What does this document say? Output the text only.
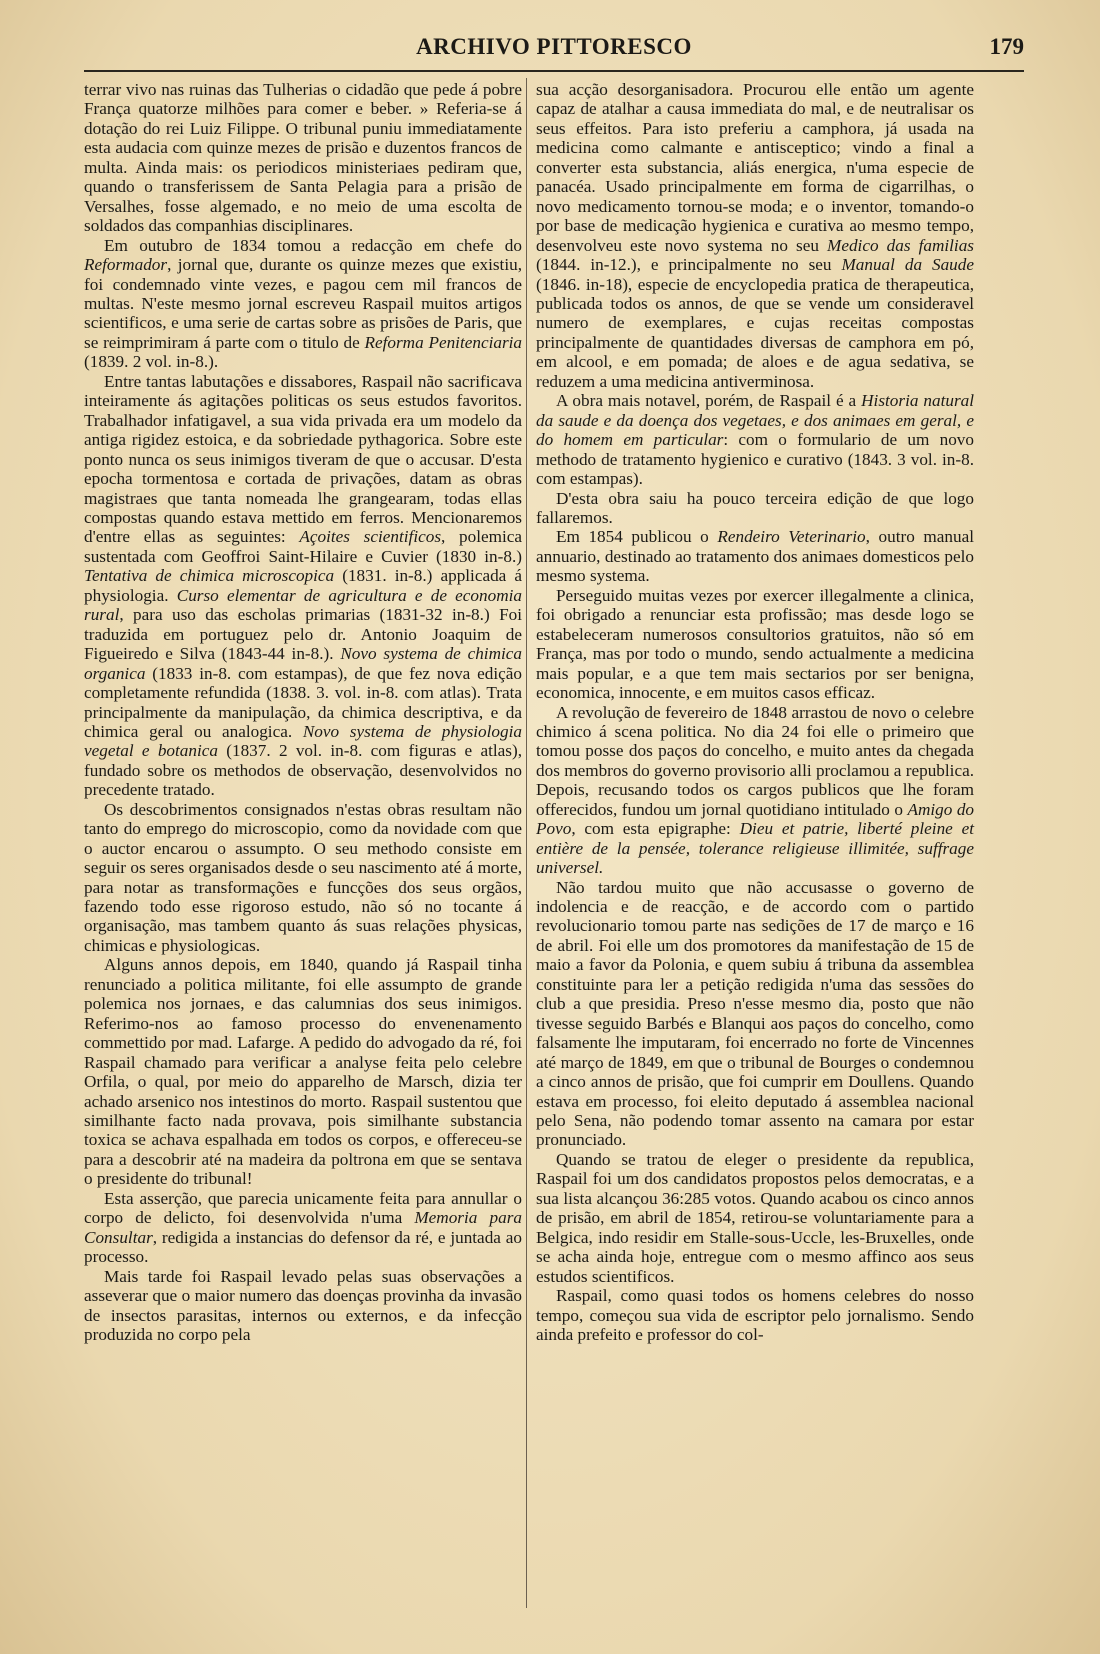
ARCHIVO PITTORESCO	179

terrar vivo nas ruinas das Tulherias o cidadão que pede á pobre França quatorze milhões para comer e beber. » Referia-se á dotação do rei Luiz Filippe. O tribunal puniu immediatamente esta audacia com quinze mezes de prisão e duzentos francos de multa. Ainda mais: os periodicos ministeriaes pediram que, quando o transferissem de Santa Pelagia para a prisão de Versalhes, fosse algemado, e no meio de uma escolta de soldados das companhias disciplinares.

Em outubro de 1834 tomou a redacção em chefe do Reformador, jornal que, durante os quinze mezes que existiu, foi condemnado vinte vezes, e pagou cem mil francos de multas. N'este mesmo jornal escreveu Raspail muitos artigos scientificos, e uma serie de cartas sobre as prisões de Paris, que se reimprimiram á parte com o titulo de Reforma Penitenciaria (1839. 2 vol. in-8.).

Entre tantas labutações e dissabores, Raspail não sacrificava inteiramente ás agitações politicas os seus estudos favoritos. Trabalhador infatigavel, a sua vida privada era um modelo da antiga rigidez estoica, e da sobriedade pythagorica. Sobre este ponto nunca os seus inimigos tiveram de que o accusar. D'esta epocha tormentosa e cortada de privações, datam as obras magistraes que tanta nomeada lhe grangearam, todas ellas compostas quando estava mettido em ferros. Mencionaremos d'entre ellas as seguintes: Açoites scientificos, polemica sustentada com Geoffroi Saint-Hilaire e Cuvier (1830 in-8.) Tentativa de chimica microscopica (1831. in-8.) applicada á physiologia. Curso elementar de agricultura e de economia rural, para uso das escholas primarias (1831-32 in-8.) Foi traduzida em portuguez pelo dr. Antonio Joaquim de Figueiredo e Silva (1843-44 in-8.). Novo systema de chimica organica (1833 in-8. com estampas), de que fez nova edição completamente refundida (1838. 3. vol. in-8. com atlas). Trata principalmente da manipulação, da chimica descriptiva, e da chimica geral ou analogica. Novo systema de physiologia vegetal e botanica (1837. 2 vol. in-8. com figuras e atlas), fundado sobre os methodos de observação, desenvolvidos no precedente tratado.

Os descobrimentos consignados n'estas obras resultam não tanto do emprego do microscopio, como da novidade com que o auctor encarou o assumpto. O seu methodo consiste em seguir os seres organisados desde o seu nascimento até á morte, para notar as transformações e funcções dos seus orgãos, fazendo todo esse rigoroso estudo, não só no tocante á organisação, mas tambem quanto ás suas relações physicas, chimicas e physiologicas.

Alguns annos depois, em 1840, quando já Raspail tinha renunciado a politica militante, foi elle assumpto de grande polemica nos jornaes, e das calumnias dos seus inimigos. Referimo-nos ao famoso processo do envenenamento commettido por mad. Lafarge. A pedido do advogado da ré, foi Raspail chamado para verificar a analyse feita pelo celebre Orfila, o qual, por meio do apparelho de Marsch, dizia ter achado arsenico nos intestinos do morto. Raspail sustentou que similhante facto nada provava, pois similhante substancia toxica se achava espalhada em todos os corpos, e offereceu-se para a descobrir até na madeira da poltrona em que se sentava o presidente do tribunal!

Esta asserção, que parecia unicamente feita para annullar o corpo de delicto, foi desenvolvida n'uma Memoria para Consultar, redigida a instancias do defensor da ré, e juntada ao processo.

Mais tarde foi Raspail levado pelas suas observações a asseverar que o maior numero das doenças provinha da invasão de insectos parasitas, internos ou externos, e da infecção produzida no corpo pela

sua acção desorganisadora. Procurou elle então um agente capaz de atalhar a causa immediata do mal, e de neutralisar os seus effeitos. Para isto preferiu a camphora, já usada na medicina como calmante e antisceptico; vindo a final a converter esta substancia, aliás energica, n'uma especie de panacéa. Usado principalmente em forma de cigarrilhas, o novo medicamento tornou-se moda; e o inventor, tomando-o por base de medicação hygienica e curativa ao mesmo tempo, desenvolveu este novo systema no seu Medico das familias (1844. in-12.), e principalmente no seu Manual da Saude (1846. in-18), especie de encyclopedia pratica de therapeutica, publicada todos os annos, de que se vende um consideravel numero de exemplares, e cujas receitas compostas principalmente de quantidades diversas de camphora em pó, em alcool, e em pomada; de aloes e de agua sedativa, se reduzem a uma medicina antiverminosa.

A obra mais notavel, porém, de Raspail é a Historia natural da saude e da doença dos vegetaes, e dos animaes em geral, e do homem em particular: com o formulario de um novo methodo de tratamento hygienico e curativo (1843. 3 vol. in-8. com estampas).

D'esta obra saiu ha pouco terceira edição de que logo fallaremos.

Em 1854 publicou o Rendeiro Veterinario, outro manual annuario, destinado ao tratamento dos animaes domesticos pelo mesmo systema.

Perseguido muitas vezes por exercer illegalmente a clinica, foi obrigado a renunciar esta profissão; mas desde logo se estabeleceram numerosos consultorios gratuitos, não só em França, mas por todo o mundo, sendo actualmente a medicina mais popular, e a que tem mais sectarios por ser benigna, economica, innocente, e em muitos casos efficaz.

A revolução de fevereiro de 1848 arrastou de novo o celebre chimico á scena politica. No dia 24 foi elle o primeiro que tomou posse dos paços do concelho, e muito antes da chegada dos membros do governo provisorio alli proclamou a republica. Depois, recusando todos os cargos publicos que lhe foram offerecidos, fundou um jornal quotidiano intitulado o Amigo do Povo, com esta epigraphe: Dieu et patrie, liberté pleine et entière de la pensée, tolerance religieuse illimitée, suffrage universel.

Não tardou muito que não accusasse o governo de indolencia e de reacção, e de accordo com o partido revolucionario tomou parte nas sedições de 17 de março e 16 de abril. Foi elle um dos promotores da manifestação de 15 de maio a favor da Polonia, e quem subiu á tribuna da assemblea constituinte para ler a petição redigida n'uma das sessões do club a que presidia. Preso n'esse mesmo dia, posto que não tivesse seguido Barbés e Blanqui aos paços do concelho, como falsamente lhe imputaram, foi encerrado no forte de Vincennes até março de 1849, em que o tribunal de Bourges o condemnou a cinco annos de prisão, que foi cumprir em Doullens. Quando estava em processo, foi eleito deputado á assemblea nacional pelo Sena, não podendo tomar assento na camara por estar pronunciado.

Quando se tratou de eleger o presidente da republica, Raspail foi um dos candidatos propostos pelos democratas, e a sua lista alcançou 36:285 votos. Quando acabou os cinco annos de prisão, em abril de 1854, retirou-se voluntariamente para a Belgica, indo residir em Stalle-sous-Uccle, les-Bruxelles, onde se acha ainda hoje, entregue com o mesmo affinco aos seus estudos scientificos.

Raspail, como quasi todos os homens celebres do nosso tempo, começou sua vida de escriptor pelo jornalismo. Sendo ainda prefeito e professor do col-
